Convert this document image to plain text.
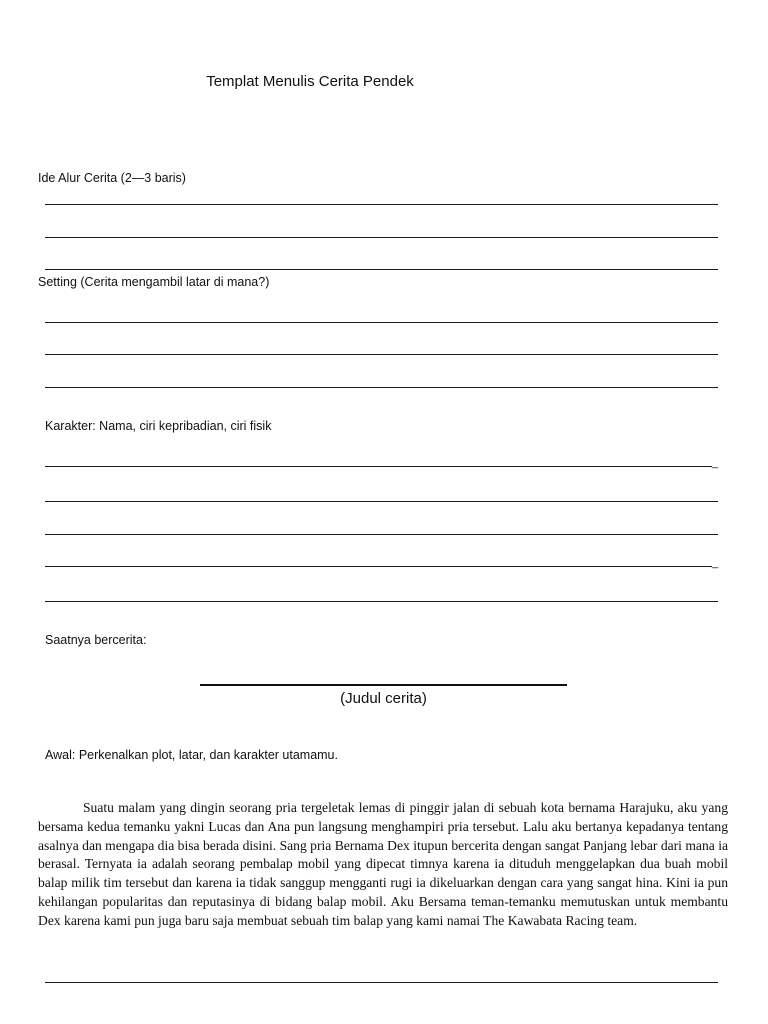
Templat Menulis Cerita Pendek
Ide Alur Cerita (2—3 baris)
Setting (Cerita mengambil latar di mana?)
Karakter: Nama, ciri kepribadian, ciri fisik
_
_
Saatnya bercerita:
(Judul cerita)
Awal: Perkenalkan plot, latar, dan karakter utamamu.

Suatu malam yang dingin seorang pria tergeletak lemas di pinggir jalan di sebuah kota bernama Harajuku, aku yang bersama kedua temanku yakni Lucas dan Ana pun langsung menghampiri pria tersebut. Lalu aku bertanya kepadanya tentang asalnya dan mengapa dia bisa berada disini. Sang pria Bernama Dex itupun bercerita dengan sangat Panjang lebar dari mana ia berasal. Ternyata ia adalah seorang pembalap mobil yang dipecat timnya karena ia dituduh menggelapkan dua buah mobil balap milik tim tersebut dan karena ia tidak sanggup mengganti rugi ia dikeluarkan dengan cara yang sangat hina. Kini ia pun kehilangan popularitas dan reputasinya di bidang balap mobil. Aku Bersama teman-temanku memutuskan untuk membantu Dex karena kami pun juga baru saja membuat sebuah tim balap yang kami namai The Kawabata Racing team.
